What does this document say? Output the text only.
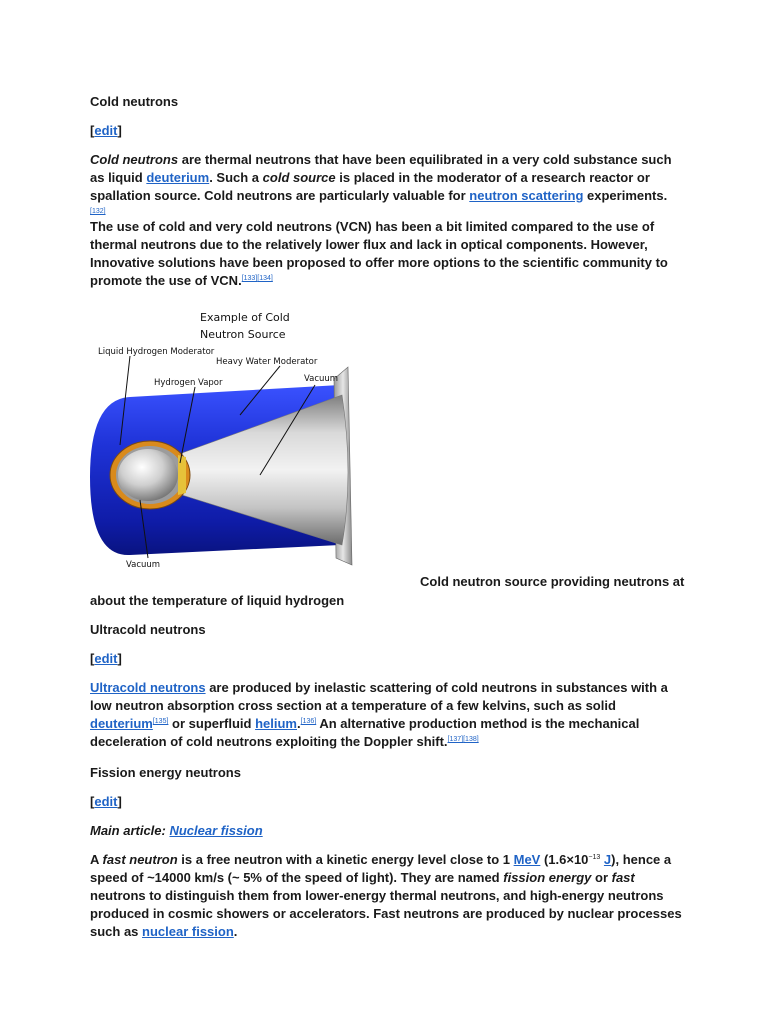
Cold neutrons

[edit]

Cold neutrons are thermal neutrons that have been equilibrated in a very cold substance such as liquid deuterium. Such a cold source is placed in the moderator of a research reactor or spallation source. Cold neutrons are particularly valuable for neutron scattering experiments.[132]

The use of cold and very cold neutrons (VCN) has been a bit limited compared to the use of thermal neutrons due to the relatively lower flux and lack in optical components. However, Innovative solutions have been proposed to offer more options to the scientific community to promote the use of VCN.[133][134]

Example of Cold
Neutron Source
Liquid Hydrogen Moderator
Heavy Water Moderator
Hydrogen Vapor	Vacuum
Vacuum
Cold neutron source providing neutrons at

about the temperature of liquid hydrogen

Ultracold neutrons

[edit]

Ultracold neutrons are produced by inelastic scattering of cold neutrons in substances with a low neutron absorption cross section at a temperature of a few kelvins, such as solid deuterium[135] or superfluid helium.[136] An alternative production method is the mechanical deceleration of cold neutrons exploiting the Doppler shift.[137][138]

Fission energy neutrons

[edit]

Main article: Nuclear fission

A fast neutron is a free neutron with a kinetic energy level close to 1 MeV ($1.6\times 10^{-13}$ J), hence a speed of ~14000 km/s (~ 5% of the speed of light). They are named fission energy or fast neutrons to distinguish them from lower-energy thermal neutrons, and high-energy neutrons produced in cosmic showers or accelerators. Fast neutrons are produced by nuclear processes such as nuclear fission.
